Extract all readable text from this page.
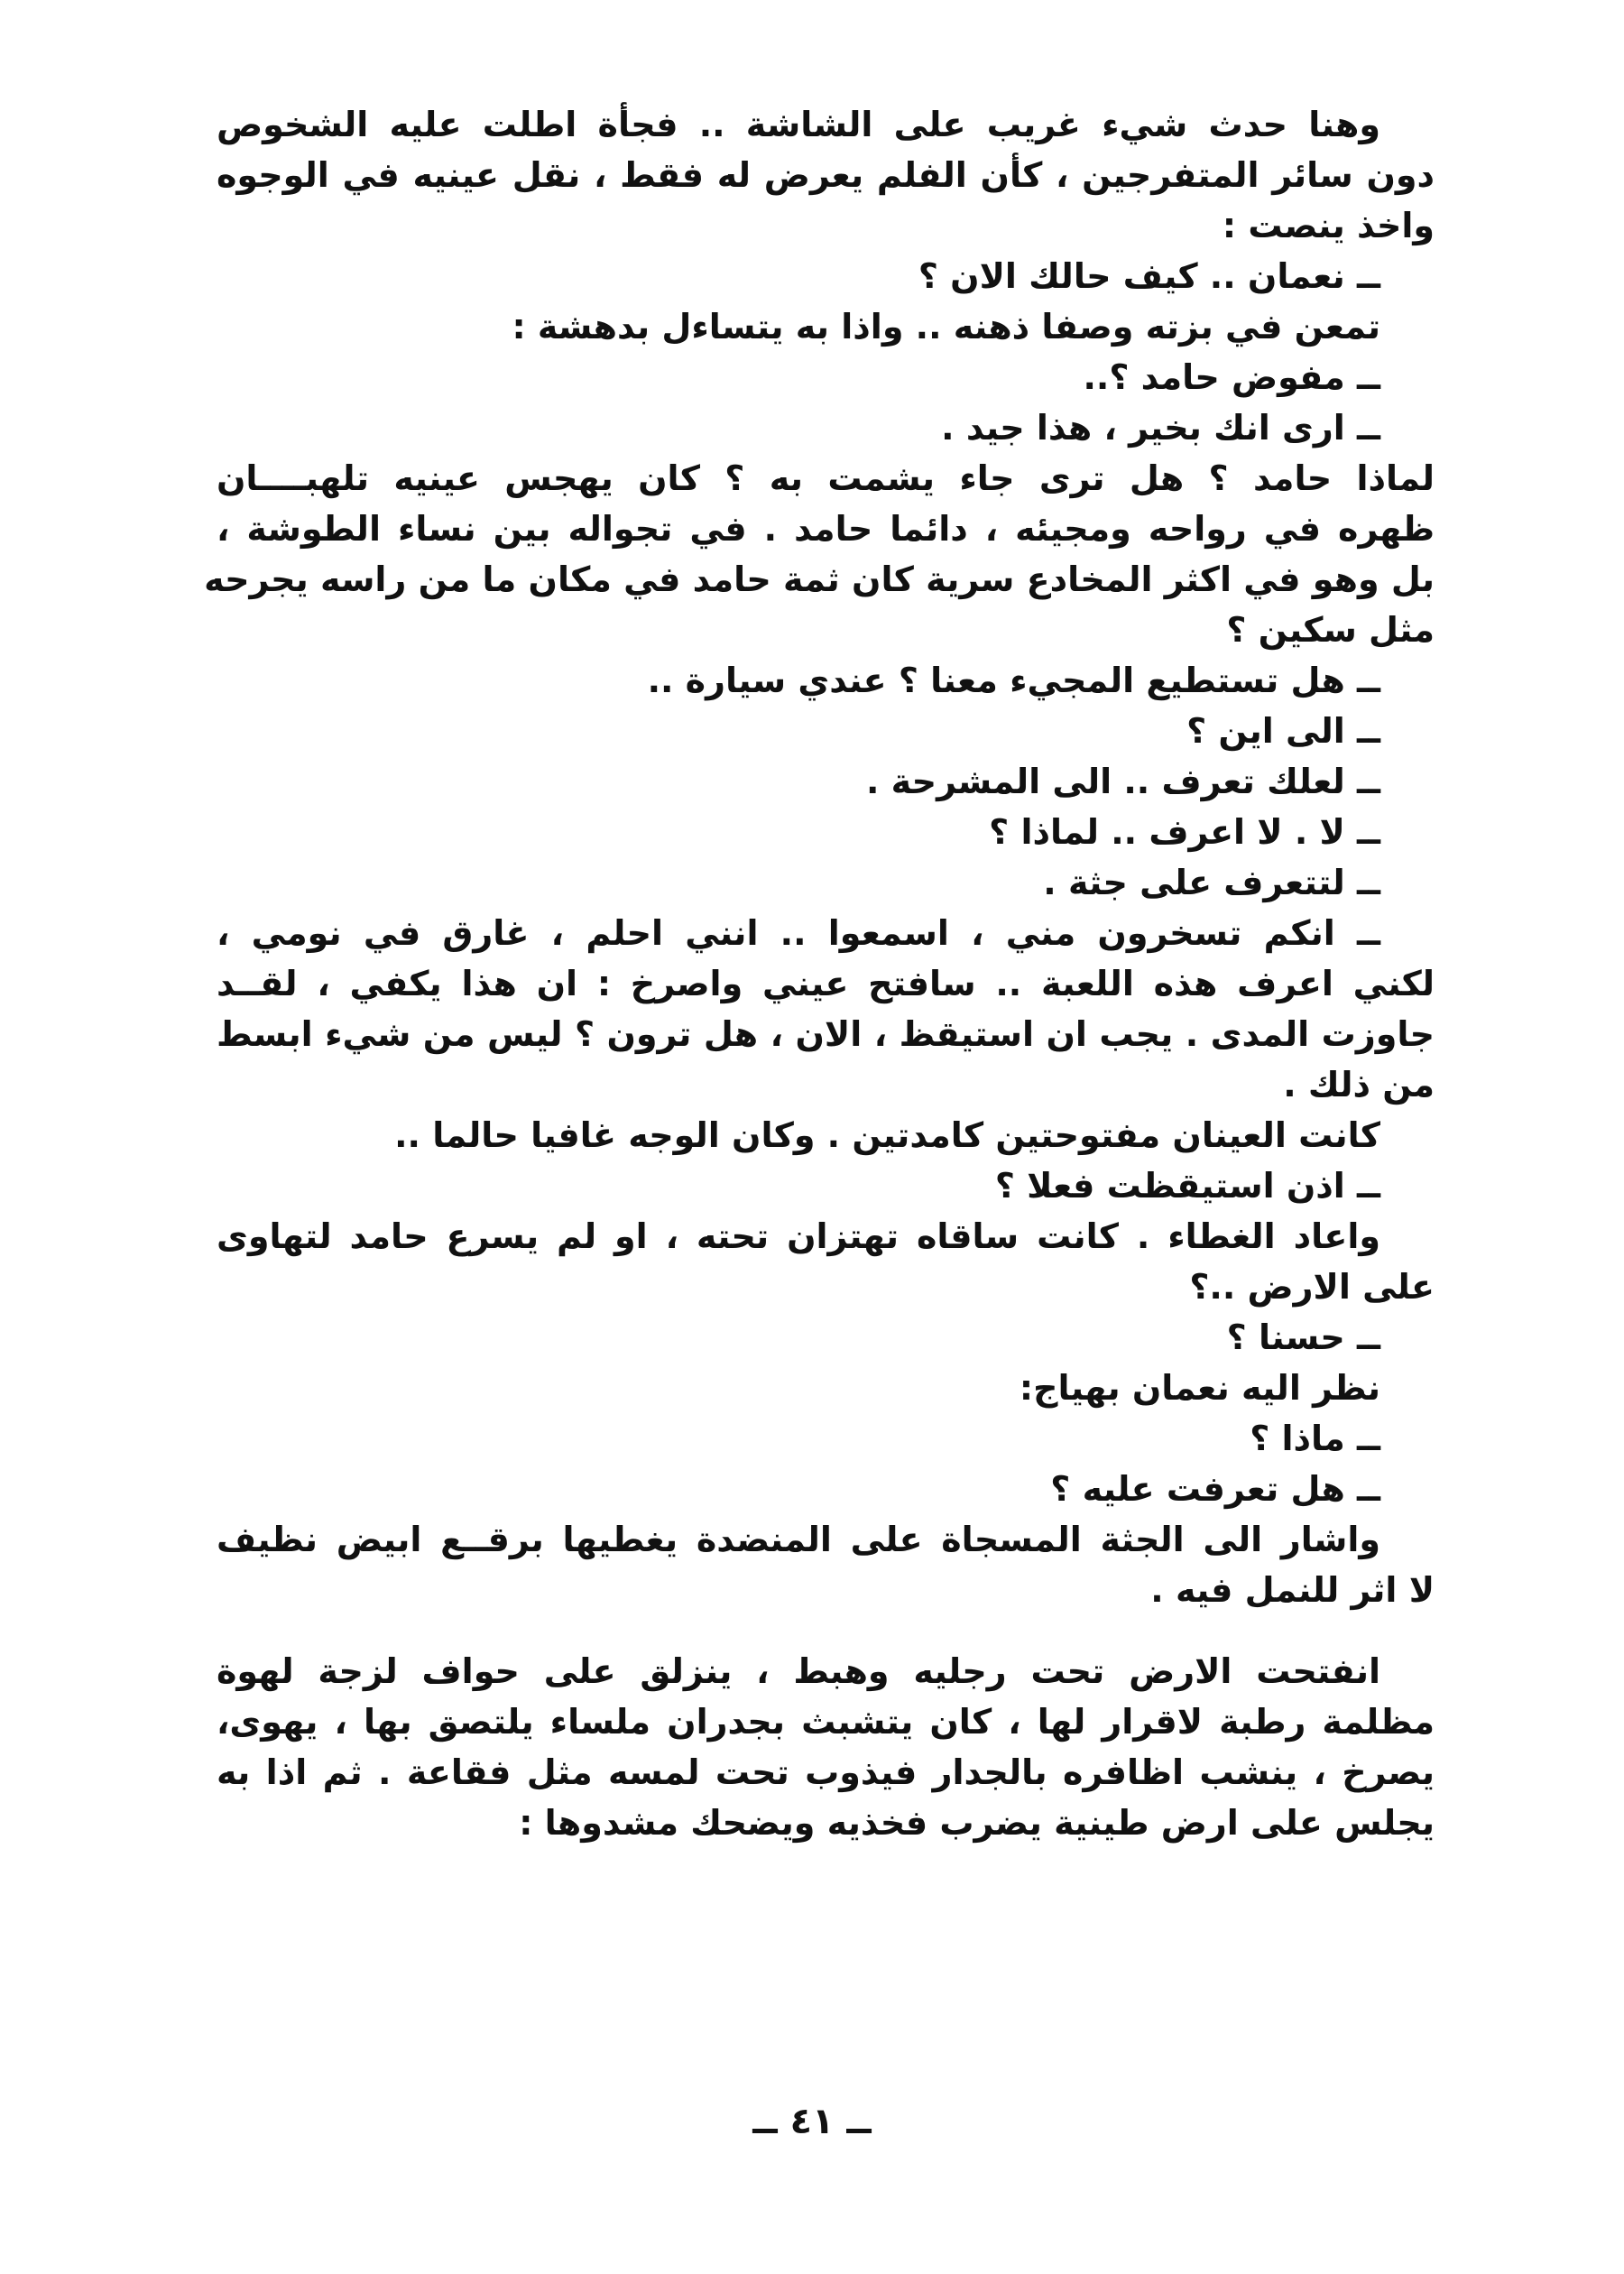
وهنا حدث شيء غريب على الشاشة .. فجأة اطلت عليه الشخوص
دون سائر المتفرجين ، كأن الفلم يعرض له فقط ، نقل عينيه في الوجوه
واخذ ينصت :
ــ نعمان .. كيف حالك الان ؟
تمعن في بزته وصفا ذهنه .. واذا به يتساءل بدهشة :
ــ مفوض حامد ؟..
ــ ارى انك بخير ، هذا جيد .
لماذا حامد ؟ هل ترى جاء يشمت به ؟ كان يهجس عينيه تلهبــــان
ظهره في رواحه ومجيئه ، دائما حامد . في تجواله بين نساء الطوشة ،
بل وهو في اكثر المخادع سرية كان ثمة حامد في مكان ما من راسه يجرحه
مثل سكين ؟
ــ هل تستطيع المجيء معنا ؟ عندي سيارة ..
ــ الى اين ؟
ــ لعلك تعرف .. الى المشرحة .
ــ لا . لا اعرف .. لماذا ؟
ــ لتتعرف على جثة .
ــ انكم تسخرون مني ، اسمعوا .. انني احلم ، غارق في نومي ،
لكني اعرف هذه اللعبة .. سافتح عيني واصرخ : ان هذا يكفي ، لقــد
جاوزت المدى . يجب ان استيقظ ، الان ، هل ترون ؟ ليس من شيء ابسط
من ذلك .
كانت العينان مفتوحتين كامدتين . وكان الوجه غافيا حالما ..
ــ اذن استيقظت فعلا ؟
واعاد الغطاء . كانت ساقاه تهتزان تحته ، او لم يسرع حامد لتهاوى
على الارض ..؟
ــ حسنا ؟
نظر اليه نعمان بهياج:
ــ ماذا ؟
ــ هل تعرفت عليه ؟
واشار الى الجثة المسجاة على المنضدة يغطيها برقــع ابيض نظيف
لا اثر للنمل فيه .
انفتحت الارض تحت رجليه وهبط ، ينزلق على حواف لزجة لهوة
مظلمة رطبة لاقرار لها ، كان يتشبث بجدران ملساء يلتصق بها ، يهوى،
يصرخ ، ينشب اظافره بالجدار فيذوب تحت لمسه مثل فقاعة . ثم اذا به
يجلس على ارض طينية يضرب فخذيه ويضحك مشدوها :
ــ ٤١ ــ
